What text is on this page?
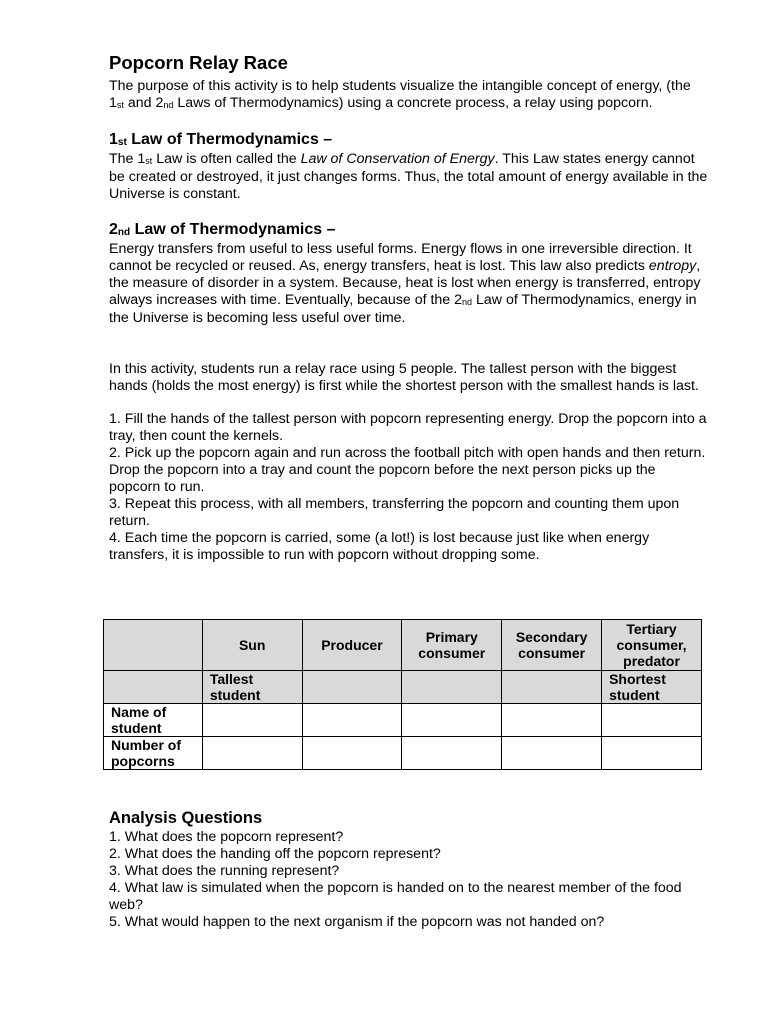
Popcorn Relay Race

The purpose of this activity is to help students visualize the intangible concept of energy, (the 1st and 2nd Laws of Thermodynamics) using a concrete process, a relay using popcorn.

1st Law of Thermodynamics –

The 1st Law is often called the Law of Conservation of Energy. This Law states energy cannot be created or destroyed, it just changes forms. Thus, the total amount of energy available in the Universe is constant.

2nd Law of Thermodynamics –

Energy transfers from useful to less useful forms. Energy flows in one irreversible direction. It cannot be recycled or reused. As, energy transfers, heat is lost. This law also predicts entropy, the measure of disorder in a system. Because, heat is lost when energy is transferred, entropy always increases with time. Eventually, because of the 2nd Law of Thermodynamics, energy in the Universe is becoming less useful over time.

In this activity, students run a relay race using 5 people. The tallest person with the biggest hands (holds the most energy) is first while the shortest person with the smallest hands is last.

1. Fill the hands of the tallest person with popcorn representing energy. Drop the popcorn into a tray, then count the kernels.

2. Pick up the popcorn again and run across the football pitch with open hands and then return. Drop the popcorn into a tray and count the popcorn before the next person picks up the popcorn to run.

3. Repeat this process, with all members, transferring the popcorn and counting them upon return.

4. Each time the popcorn is carried, some (a lot!) is lost because just like when energy transfers, it is impossible to run with popcorn without dropping some.

	Sun	Producer	Primary consumer	Secondary consumer	Tertiary consumer, predator
	Tallest student				Shortest student
Name of student					
Number of popcorns					
Analysis Questions

1. What does the popcorn represent?

2. What does the handing off the popcorn represent?

3. What does the running represent?

4. What law is simulated when the popcorn is handed on to the nearest member of the food web?

5. What would happen to the next organism if the popcorn was not handed on?
